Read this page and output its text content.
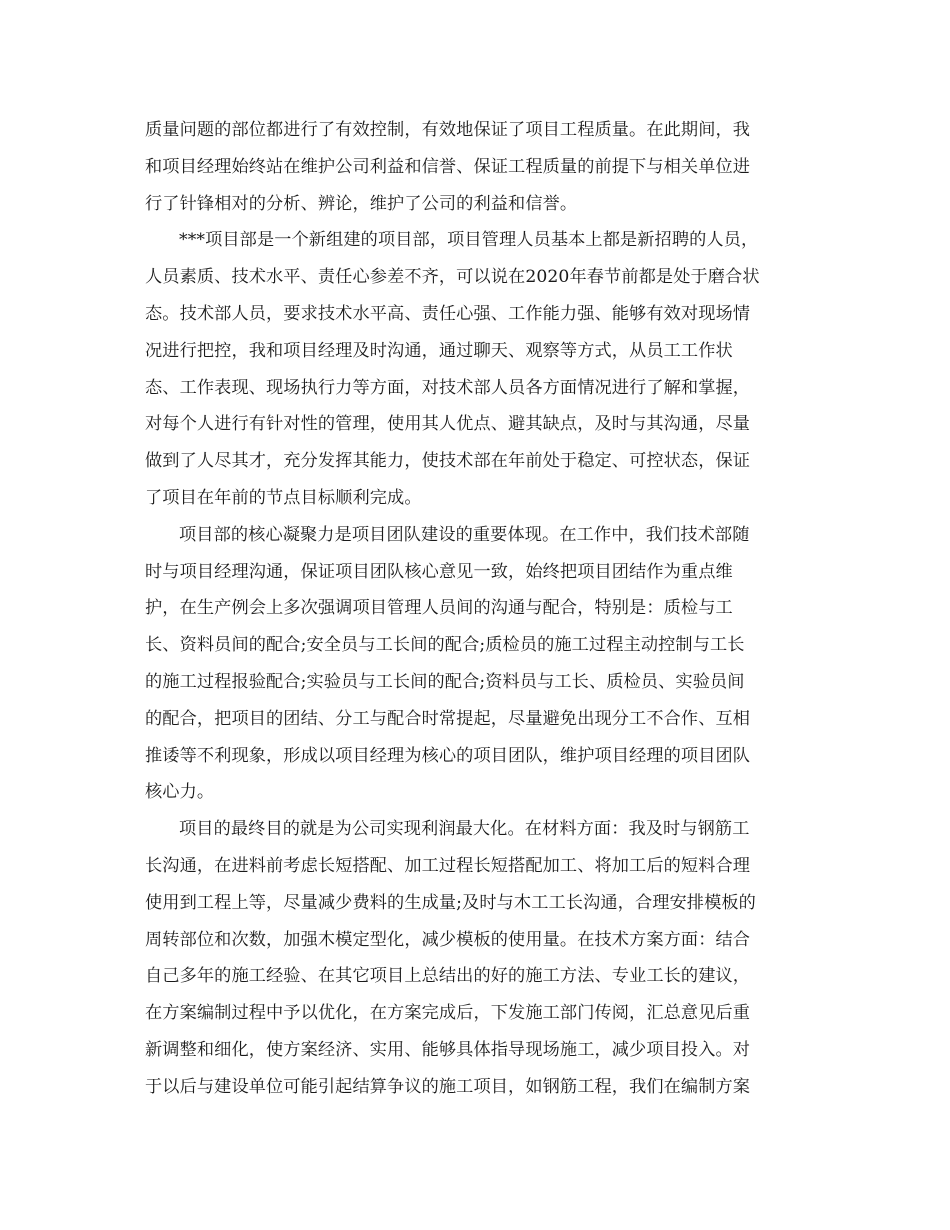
质量问题的部位都进行了有效控制，有效地保证了项目工程质量。在此期间，我
和项目经理始终站在维护公司利益和信誉、保证工程质量的前提下与相关单位进
行了针锋相对的分析、辨论，维护了公司的利益和信誉。
***项目部是一个新组建的项目部，项目管理人员基本上都是新招聘的人员，
人员素质、技术水平、责任心参差不齐，可以说在2020年春节前都是处于磨合状
态。技术部人员，要求技术水平高、责任心强、工作能力强、能够有效对现场情
况进行把控，我和项目经理及时沟通，通过聊天、观察等方式，从员工工作状
态、工作表现、现场执行力等方面，对技术部人员各方面情况进行了解和掌握，
对每个人进行有针对性的管理，使用其人优点、避其缺点，及时与其沟通，尽量
做到了人尽其才，充分发挥其能力，使技术部在年前处于稳定、可控状态，保证
了项目在年前的节点目标顺利完成。
项目部的核心凝聚力是项目团队建设的重要体现。在工作中，我们技术部随
时与项目经理沟通，保证项目团队核心意见一致，始终把项目团结作为重点维
护，在生产例会上多次强调项目管理人员间的沟通与配合，特别是：质检与工
长、资料员间的配合;安全员与工长间的配合;质检员的施工过程主动控制与工长
的施工过程报验配合;实验员与工长间的配合;资料员与工长、质检员、实验员间
的配合，把项目的团结、分工与配合时常提起，尽量避免出现分工不合作、互相
推诿等不利现象，形成以项目经理为核心的项目团队，维护项目经理的项目团队
核心力。
项目的最终目的就是为公司实现利润最大化。在材料方面：我及时与钢筋工
长沟通，在进料前考虑长短搭配、加工过程长短搭配加工、将加工后的短料合理
使用到工程上等，尽量减少费料的生成量;及时与木工工长沟通，合理安排模板的
周转部位和次数，加强木模定型化，减少模板的使用量。在技术方案方面：结合
自己多年的施工经验、在其它项目上总结出的好的施工方法、专业工长的建议，
在方案编制过程中予以优化，在方案完成后，下发施工部门传阅，汇总意见后重
新调整和细化，使方案经济、实用、能够具体指导现场施工，减少项目投入。对
于以后与建设单位可能引起结算争议的施工项目，如钢筋工程，我们在编制方案
